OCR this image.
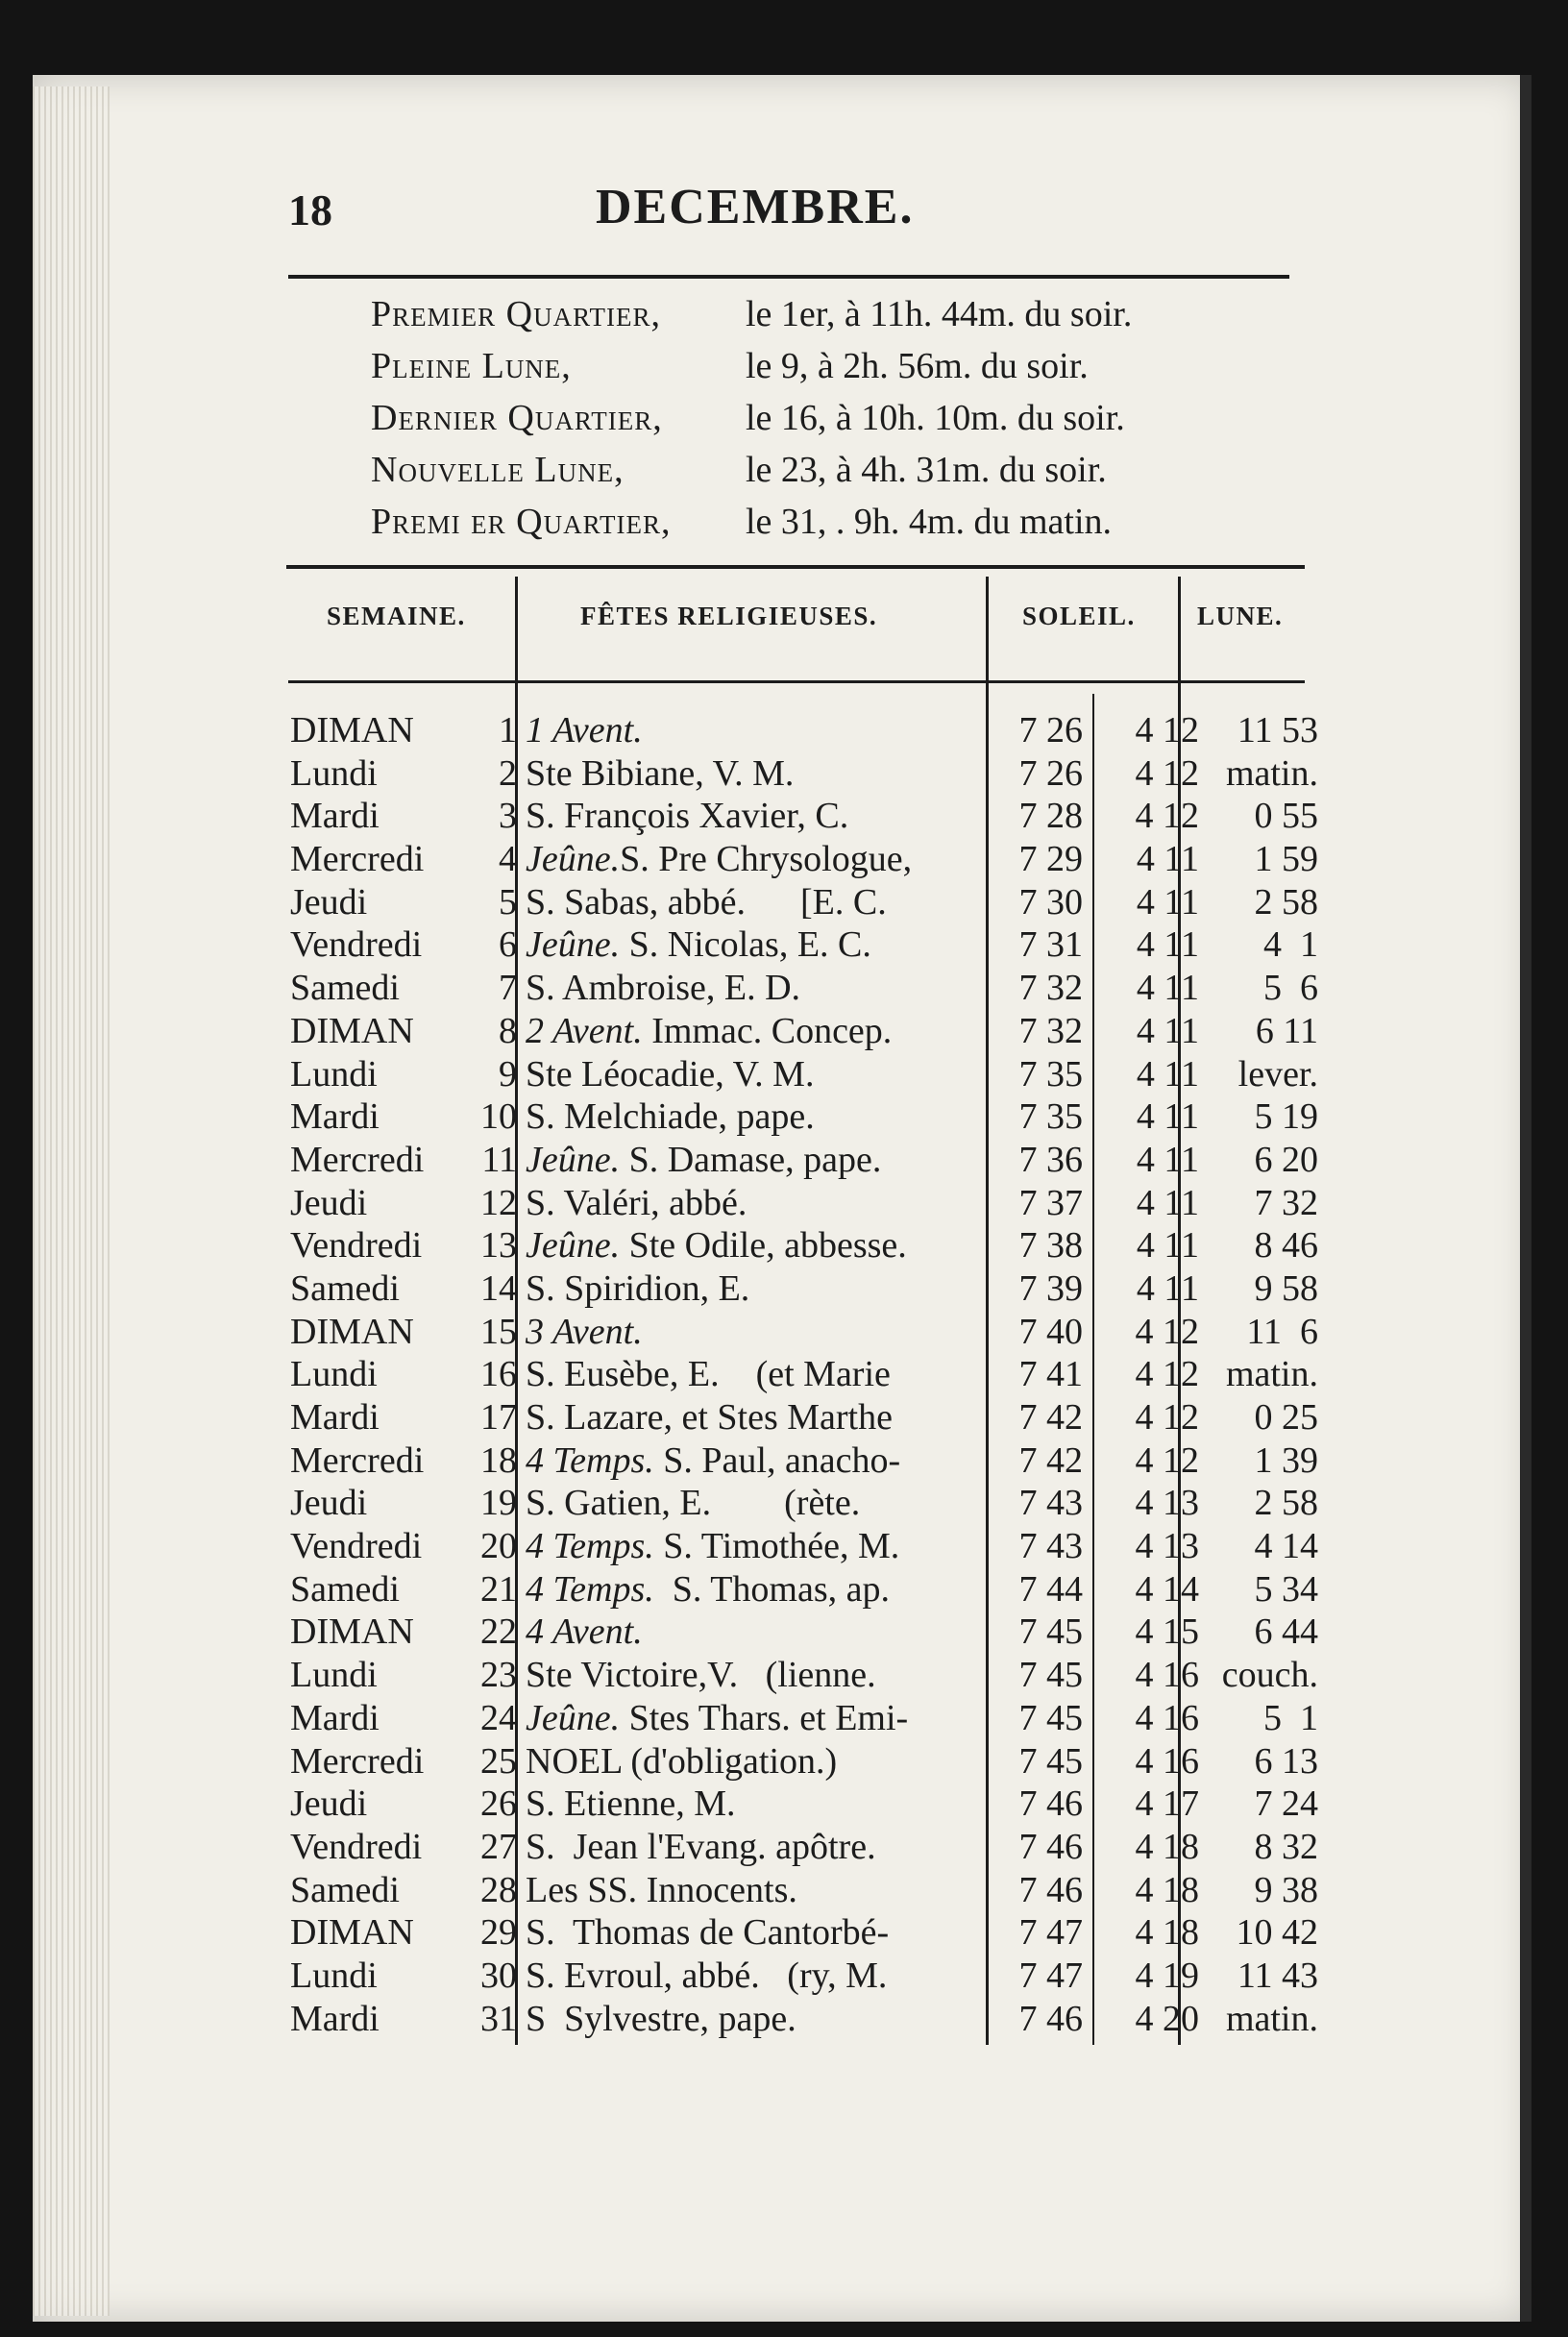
18	DECEMBRE.
Premier Quartier,	le 1er, à 11h. 44m. du soir.
Pleine Lune,	le 9, à 2h. 56m. du soir.
Dernier Quartier,	le 16, à 10h. 10m. du soir.
Nouvelle Lune,	le 23, à 4h. 31m. du soir.
Premi er Quartier,	le 31, . 9h. 4m. du matin.
SEMAINE.	FÊTES RELIGIEUSES.	SOLEIL. LUNE.
DIMAN	1 1 Avent.	7 26	4 12	11 53
Lundi	2 Ste Bibiane, V. M.	7 26	4 12 matin.
Mardi	3 S. François Xavier, C.	7 28	4 12	0 55
Mercredi	4 Jeûne.S. Pre Chrysologue,	7 29	4 11	1 59
Jeudi	5 S. Sabas, abbé.      [E. C.	7 30	4 11	2 58
Vendredi	6 Jeûne. S. Nicolas, E. C.	7 31	4 11	4  1
Samedi	7 S. Ambroise, E. D.	7 32	4 11	5  6
DIMAN	8 2 Avent. Immac. Concep.	7 32	4 11	6 11
Lundi	9 Ste Léocadie, V. M.	7 35	4 11	lever.
Mardi	10 S. Melchiade, pape.	7 35	4 11	5 19
Mercredi	11 Jeûne. S. Damase, pape.	7 36	4 11	6 20
Jeudi	12 S. Valéri, abbé.	7 37	4 11	7 32
Vendredi	13 Jeûne. Ste Odile, abbesse.	7 38	4 11	8 46
Samedi	14 S. Spiridion, E.	7 39	4 11	9 58
DIMAN	15 3 Avent.	7 40	4 12	11  6
Lundi	16 S. Eusèbe, E.    (et Marie	7 41	4 12 matin.
Mardi	17 S. Lazare, et Stes Marthe	7 42	4 12	0 25
Mercredi	18 4 Temps. S. Paul, anacho-	7 42	4 12	1 39
Jeudi	19 S. Gatien, E.        (rète.	7 43	4 13	2 58
Vendredi	20 4 Temps. S. Timothée, M.	7 43	4 13	4 14
Samedi	21 4 Temps.  S. Thomas, ap.	7 44	4 14	5 34
DIMAN	22 4 Avent.	7 45	4 15	6 44
Lundi	23 Ste Victoire,V.   (lienne.	7 45	4 16 couch.
Mardi	24 Jeûne. Stes Thars. et Emi-	7 45	4 16	5  1
Mercredi	25 NOEL (d'obligation.)	7 45	4 16	6 13
Jeudi	26 S. Etienne, M.	7 46	4 17	7 24
Vendredi	27 S.  Jean l'Evang. apôtre.	7 46	4 18	8 32
Samedi	28 Les SS. Innocents.	7 46	4 18	9 38
DIMAN	29 S.  Thomas de Cantorbé-	7 47	4 18	10 42
Lundi	30 S. Evroul, abbé.   (ry, M.	7 47	4 19	11 43
Mardi	31 S  Sylvestre, pape.	7 46	4 20 matin.
